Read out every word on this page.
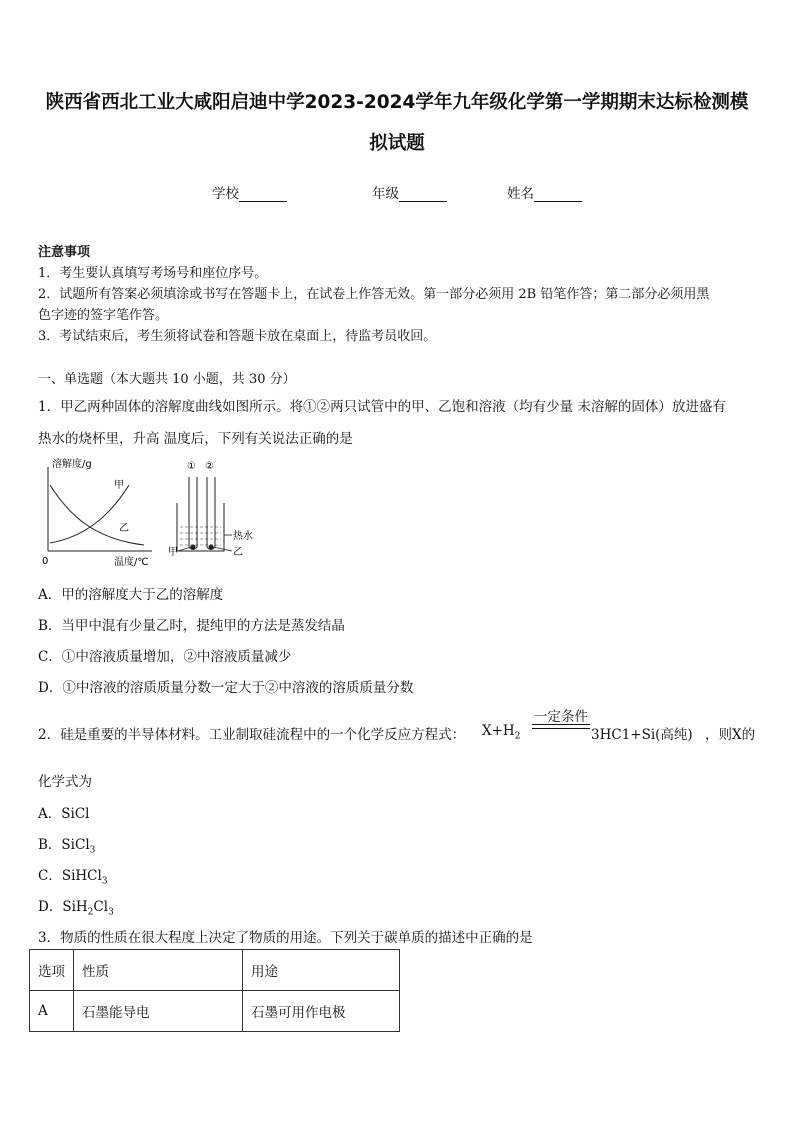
陕西省西北工业大咸阳启迪中学2023-2024学年九年级化学第一学期期末达标检测模
拟试题
学校	年级	姓名
注意事项
1．考生要认真填写考场号和座位序号。
2．试题所有答案必须填涂或书写在答题卡上，在试卷上作答无效。第一部分必须用 2B 铅笔作答；第二部分必须用黑
色字迹的签字笔作答。
3．考试结束后，考生须将试卷和答题卡放在桌面上，待监考员收回。
一、单选题（本大题共 10 小题，共 30 分）
1．甲乙两种固体的溶解度曲线如图所示。将①②两只试管中的甲、乙饱和溶液（均有少量 未溶解的固体）放进盛有
热水的烧杯里，升高 温度后，下列有关说法正确的是
溶解度/g
温度/℃
0
甲
乙
① ②
热水
甲	乙
A．甲的溶解度大于乙的溶解度
B．当甲中混有少量乙时，提纯甲的方法是蒸发结晶
C．①中溶液质量增加，②中溶液质量减少
D．①中溶液的溶质质量分数一定大于②中溶液的溶质质量分数
2．硅是重要的半导体材料。工业制取硅流程中的一个化学反应方程式： $X+H_2$
一定条件
3HC1+Si(高纯) ，则X的
化学式为
A．SiCl
B．SiCl$_3$
C．SiHCl$_3$
D．$SiH_2Cl_3$
3．物质的性质在很大程度上决定了物质的用途。下列关于碳单质的描述中正确的是
选项	性质	用途
A	石墨能导电	石墨可用作电极
